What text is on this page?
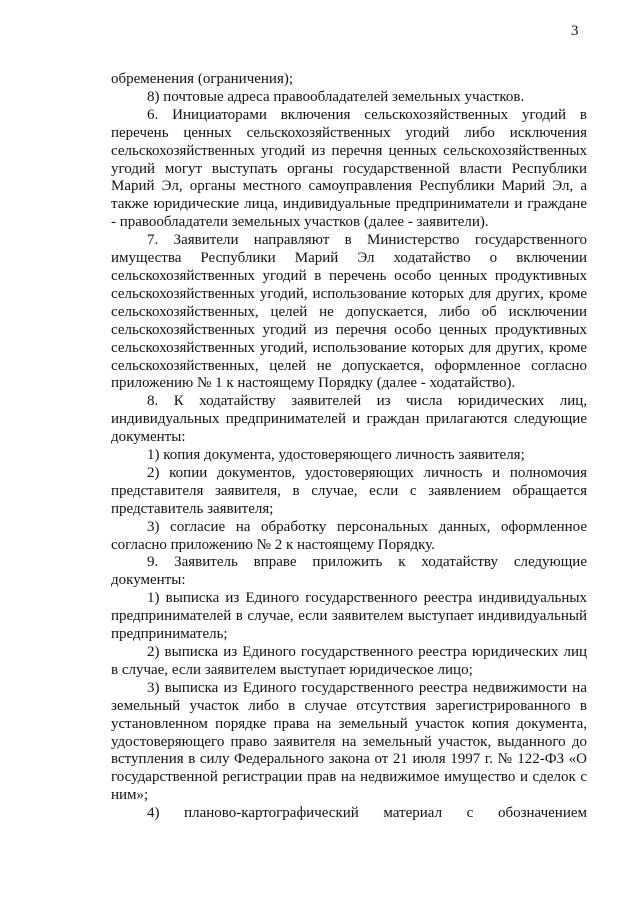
3

обременения (ограничения);

8) почтовые адреса правообладателей земельных участков.

6. Инициаторами включения сельскохозяйственных угодий в перечень ценных сельскохозяйственных угодий либо исключения сельскохозяйственных угодий из перечня ценных сельскохозяйственных угодий могут выступать органы государственной власти Республики Марий Эл, органы местного самоуправления Республики Марий Эл, а также юридические лица, индивидуальные предприниматели и граждане - правообладатели земельных участков (далее - заявители).

7. Заявители направляют в Министерство государственного имущества Республики Марий Эл ходатайство о включении сельскохозяйственных угодий в перечень особо ценных продуктивных сельскохозяйственных угодий, использование которых для других, кроме сельскохозяйственных, целей не допускается, либо об исключении сельскохозяйственных угодий из перечня особо ценных продуктивных сельскохозяйственных угодий, использование которых для других, кроме сельскохозяйственных, целей не допускается, оформленное согласно приложению № 1 к настоящему Порядку (далее - ходатайство).

8. К ходатайству заявителей из числа юридических лиц, индивидуальных предпринимателей и граждан прилагаются следующие документы:

1) копия документа, удостоверяющего личность заявителя;

2) копии документов, удостоверяющих личность и полномочия представителя заявителя, в случае, если с заявлением обращается представитель заявителя;

3) согласие на обработку персональных данных, оформленное согласно приложению № 2 к настоящему Порядку.

9. Заявитель вправе приложить к ходатайству следующие документы:

1) выписка из Единого государственного реестра индивидуальных предпринимателей в случае, если заявителем выступает индивидуальный предприниматель;

2) выписка из Единого государственного реестра юридических лиц в случае, если заявителем выступает юридическое лицо;

3) выписка из Единого государственного реестра недвижимости на земельный участок либо в случае отсутствия зарегистрированного в установленном порядке права на земельный участок копия документа, удостоверяющего право заявителя на земельный участок, выданного до вступления в силу Федерального закона от 21 июля 1997 г. № 122-ФЗ «О государственной регистрации прав на недвижимое имущество и сделок с ним»;

4) планово-картографический материал с обозначением
